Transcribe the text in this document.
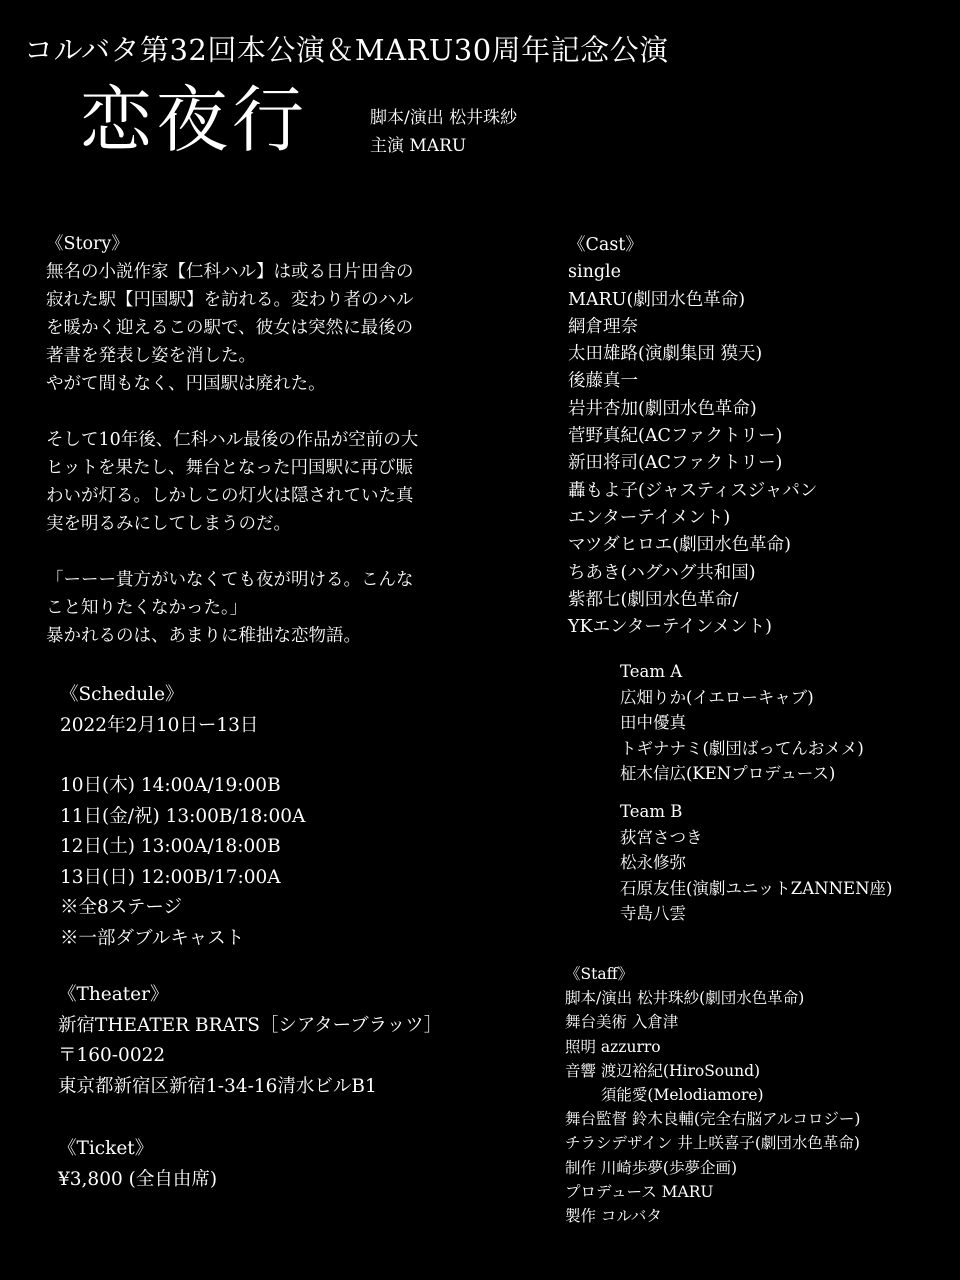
コルバタ第32回本公演＆MARU30周年記念公演
恋夜行	脚本/演出 松井珠紗
主演 MARU
《Story》
無名の小説作家【仁科ハル】は或る日片田舎の
寂れた駅【円国駅】を訪れる。変わり者のハル
を暖かく迎えるこの駅で、彼女は突然に最後の
著書を発表し姿を消した。
やがて間もなく、円国駅は廃れた。
そして10年後、仁科ハル最後の作品が空前の大
ヒットを果たし、舞台となった円国駅に再び賑
わいが灯る。しかしこの灯火は隠されていた真
実を明るみにしてしまうのだ。
「ーーー貴方がいなくても夜が明ける。こんな
こと知りたくなかった。」
暴かれるのは、あまりに稚拙な恋物語。
《Schedule》
2022年2月10日ー13日
10日(木) 14:00A/19:00B
11日(金/祝) 13:00B/18:00A
12日(土) 13:00A/18:00B
13日(日) 12:00B/17:00A
※全8ステージ
※一部ダブルキャスト
《Theater》
新宿THEATER BRATS［シアターブラッツ］
〒160-0022
東京都新宿区新宿1-34-16清水ビルB1
《Ticket》
¥3,800 (全自由席)
《Cast》
single
MARU(劇団水色革命)
網倉理奈
太田雄路(演劇集団 獏天)
後藤真一
岩井杏加(劇団水色革命)
菅野真紀(ACファクトリー)
新田将司(ACファクトリー)
轟もよ子(ジャスティスジャパン
エンターテイメント)
マツダヒロエ(劇団水色革命)
ちあき(ハグハグ共和国)
紫都七(劇団水色革命/
YKエンターテインメント)
Team A
広畑りか(イエローキャブ)
田中優真
トギナナミ(劇団ばってんおメメ)
柾木信広(KENプロデュース)
Team B
荻宮さつき
松永修弥
石原友佳(演劇ユニットZANNEN座)
寺島八雲
《Staff》
脚本/演出 松井珠紗(劇団水色革命)
舞台美術 入倉津
照明 azzurro
音響 渡辺裕紀(HiroSound)
　　 須能愛(Melodiamore)
舞台監督 鈴木良輔(完全右脳アルコロジー)
チラシデザイン 井上咲喜子(劇団水色革命)
制作 川崎歩夢(歩夢企画)
プロデュース MARU
製作 コルバタ
